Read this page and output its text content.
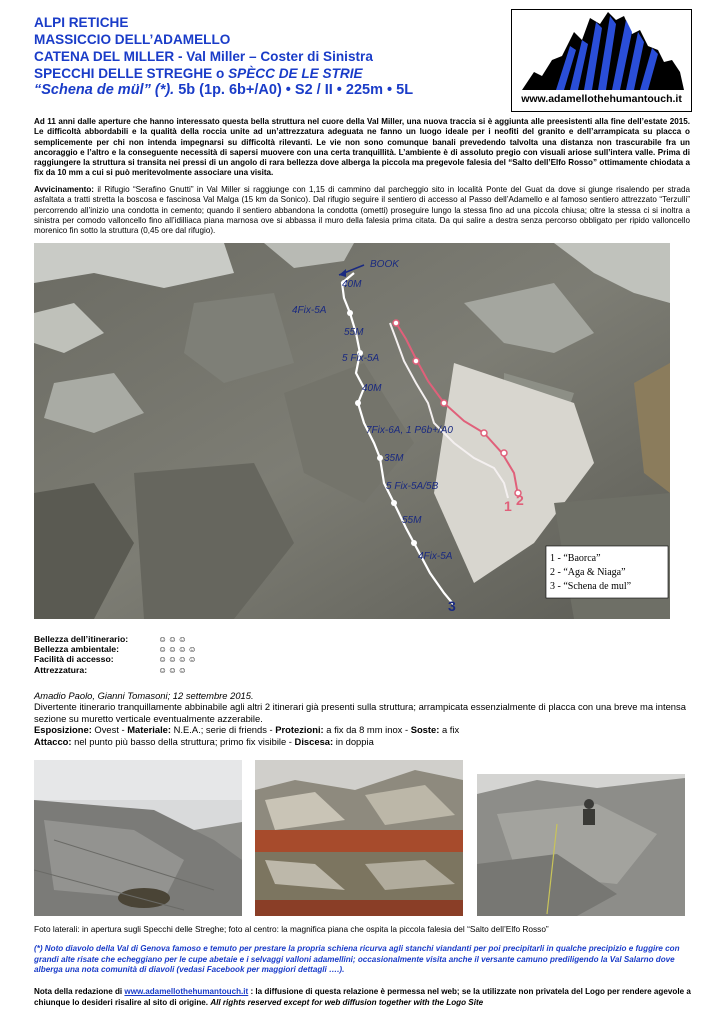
ALPI RETICHE
MASSICCIO DELL’ADAMELLO
CATENA DEL MILLER - Val Miller – Coster di Sinistra
SPECCHI DELLE STREGHE o SPÈCC DE LE STRIE
“Schena de mül” (*). 5b (1p. 6b+/A0) • S2 / II • 225m • 5L
www.adamellothehumantouch.it
Ad 11 anni dalle aperture che hanno interessato questa bella struttura nel cuore della Val Miller, una nuova traccia si è aggiunta alle preesistenti alla fine dell’estate 2015. Le difficoltà abbordabili e la qualità della roccia unite ad un’attrezzatura adeguata ne fanno un luogo ideale per i neofiti del granito e dell’arrampicata su placca o semplicemente per chi non intenda impegnarsi su difficoltà rilevanti. Le vie non sono comunque banali prevedendo talvolta una distanza non trascurabile fra un ancoraggio e l’altro e la conseguente necessità di sapersi muovere con una certa tranquillità. L’ambiente è di assoluto pregio con visuali ariose sull’intera valle. Prima di raggiungere la struttura si transita nei pressi di un angolo di rara bellezza dove alberga la piccola ma pregevole falesia del “Salto dell’Elfo Rosso” ottimamente chiodata a fix da 10 mm a cui si può meritevolmente associare una visita.
Avvicinamento: il Rifugio “Serafino Gnutti” in Val Miller si raggiunge con 1,15 di cammino dal parcheggio sito in località Ponte del Guat da dove si giunge risalendo per strada asfaltata a tratti stretta la boscosa e fascinosa Val Malga (15 km da Sonico). Dal rifugio seguire il sentiero di accesso al Passo dell’Adamello e al famoso sentiero attrezzato “Terzulli” percorrendo all’inizio una condotta in cemento; quando il sentiero abbandona la condotta (ometti) proseguire lungo la stessa fino ad una piccola chiusa; oltre la stessa ci si inoltra a sinistra per comodo valloncello fino all’idilliaca piana marnosa ove si abbassa il muro della falesia prima citata. Da qui salire a destra senza percorso obbligato per ripido valloncello morenico fin sotto la struttura (0,45 ore dal rifugio).
BOOK
40M
4Fix-5A
55M
5 Fix-5A
40M
7Fix-6A, 1 P6b+/A0
35M
5 Fix-5A/5B
55M
4Fix-5A
1 2
3
1 - “Baorca”
2 - “Aga & Niaga”
3 - “Schena de mul”
Bellezza dell’itinerario:	☺☺☺
Bellezza ambientale:	☺☺☺☺
Facilità di accesso:	☺☺☺☺
Attrezzatura:	☺☺☺
Amadio Paolo, Gianni Tomasoni; 12 settembre 2015.
Divertente itinerario tranquillamente abbinabile agli altri 2 itinerari già presenti sulla struttura; arrampicata essenzialmente di placca con una breve ma intensa sezione su muretto verticale eventualmente azzerabile.
Esposizione: Ovest - Materiale: N.E.A.; serie di friends - Protezioni: a fix da 8 mm inox - Soste: a fix
Attacco: nel punto più basso della struttura; primo fix visibile - Discesa: in doppia
Foto laterali: in apertura sugli Specchi delle Streghe; foto al centro: la magnifica piana che ospita la piccola falesia del “Salto dell’Elfo Rosso”
(*) Noto diavolo della Val di Genova famoso e temuto per prestare la propria schiena ricurva agli stanchi viandanti per poi precipitarli in qualche precipizio e fuggire con grandi alte risate che echeggiano per le cupe abetaie e i selvaggi valloni adamellini; occasionalmente visita anche il versante camuno prediligendo la Val Salarno dove alberga una nota comunità di diavoli (vedasi Facebook per maggiori dettagli ….).
Nota della redazione di www.adamellothehumantouch.it : la diffusione di questa relazione è permessa nel web; se la utilizzate non privatela del Logo per rendere agevole a chiunque lo desideri risalire al sito di origine. All rights reserved except for web diffusion together with the Logo Site
